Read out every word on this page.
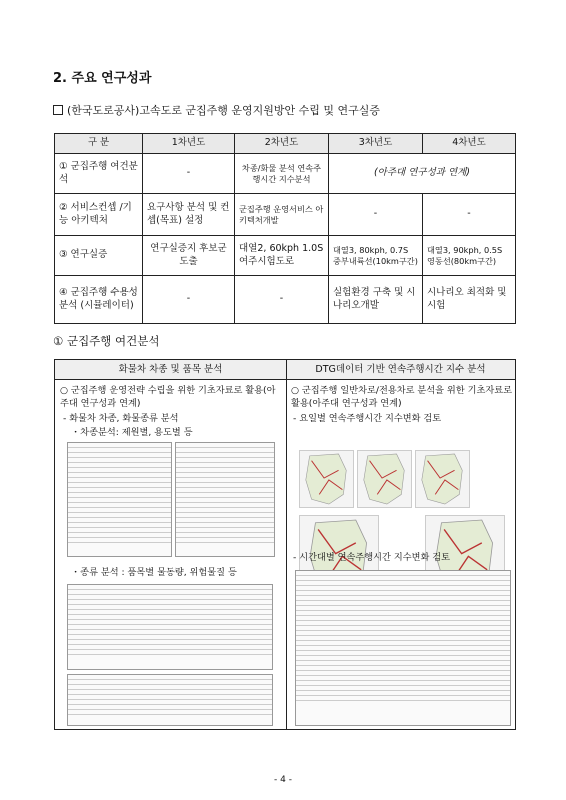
2. 주요 연구성과
(한국도로공사)고속도로 군집주행 운영지원방안 수립 및 연구실증
구 분	1차년도	2차년도	3차년도	4차년도
① 군집주행 여건분석	-	차종/화물 분석 연속주행시간 지수분석	(아주대 연구성과 연계)	
② 서비스컨셉 /기능 아키텍처	요구사항 분석 및 컨셉(목표) 설정	군집주행 운영서비스 아키텍처개발	-	-
③ 연구실증	연구실증지 후보군 도출	대열2, 60kph 1.0S 여주시험도로	대열3, 80kph, 0.7S 중부내륙선(10km구간)	대열3, 90kph, 0.5S 영동선(80km구간)
④ 군집주행 수용성 분석 (시뮬레이터)	-	-	실험환경 구축 및 시나리오개발	시나리오 최적화 및 시험
① 군집주행 여건분석
화물차 차종 및 품목 분석	DTG데이터 기반 연속주행시간 지수 분석
○ 군집주행 운영전략 수립을 위한 기초자료로 활용(아주대 연구성과 연계)
- 화물차 차종, 화물종류 분석
・차종분석: 제원별, 용도별 등
・종류 분석 : 품목별 물동량, 위험물질 등
○ 군집주행 일반차로/전용차로 분석을 위한 기초자료로 활용(아주대 연구성과 연계)
- 요일별 연속주행시간 지수변화 검토
- 시간대별 연속주행시간 지수변화 검토
- 4 -
